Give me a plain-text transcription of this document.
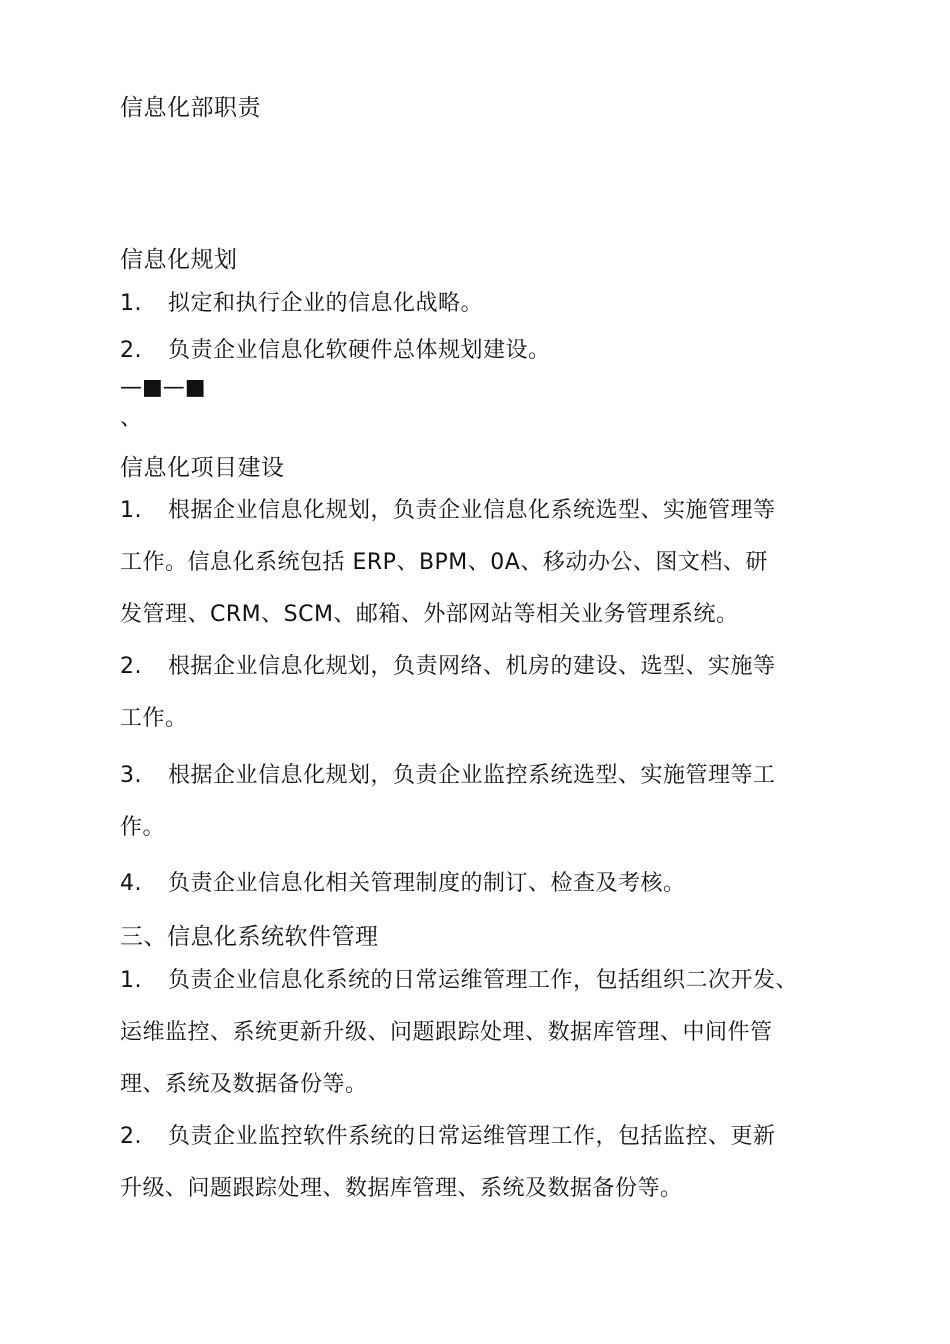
信息化部职责
信息化规划
1. 拟定和执行企业的信息化战略。
2. 负责企业信息化软硬件总体规划建设。
—■—■
、
信息化项目建设
1. 根据企业信息化规划，负责企业信息化系统选型、实施管理等
工作。信息化系统包括 ERP、BPM、0A、移动办公、图文档、研
发管理、CRM、SCM、邮箱、外部网站等相关业务管理系统。
2. 根据企业信息化规划，负责网络、机房的建设、选型、实施等
工作。
3. 根据企业信息化规划，负责企业监控系统选型、实施管理等工
作。
4. 负责企业信息化相关管理制度的制订、检查及考核。
三、信息化系统软件管理
1. 负责企业信息化系统的日常运维管理工作，包括组织二次开发、
运维监控、系统更新升级、问题跟踪处理、数据库管理、中间件管
理、系统及数据备份等。
2. 负责企业监控软件系统的日常运维管理工作，包括监控、更新
升级、问题跟踪处理、数据库管理、系统及数据备份等。
